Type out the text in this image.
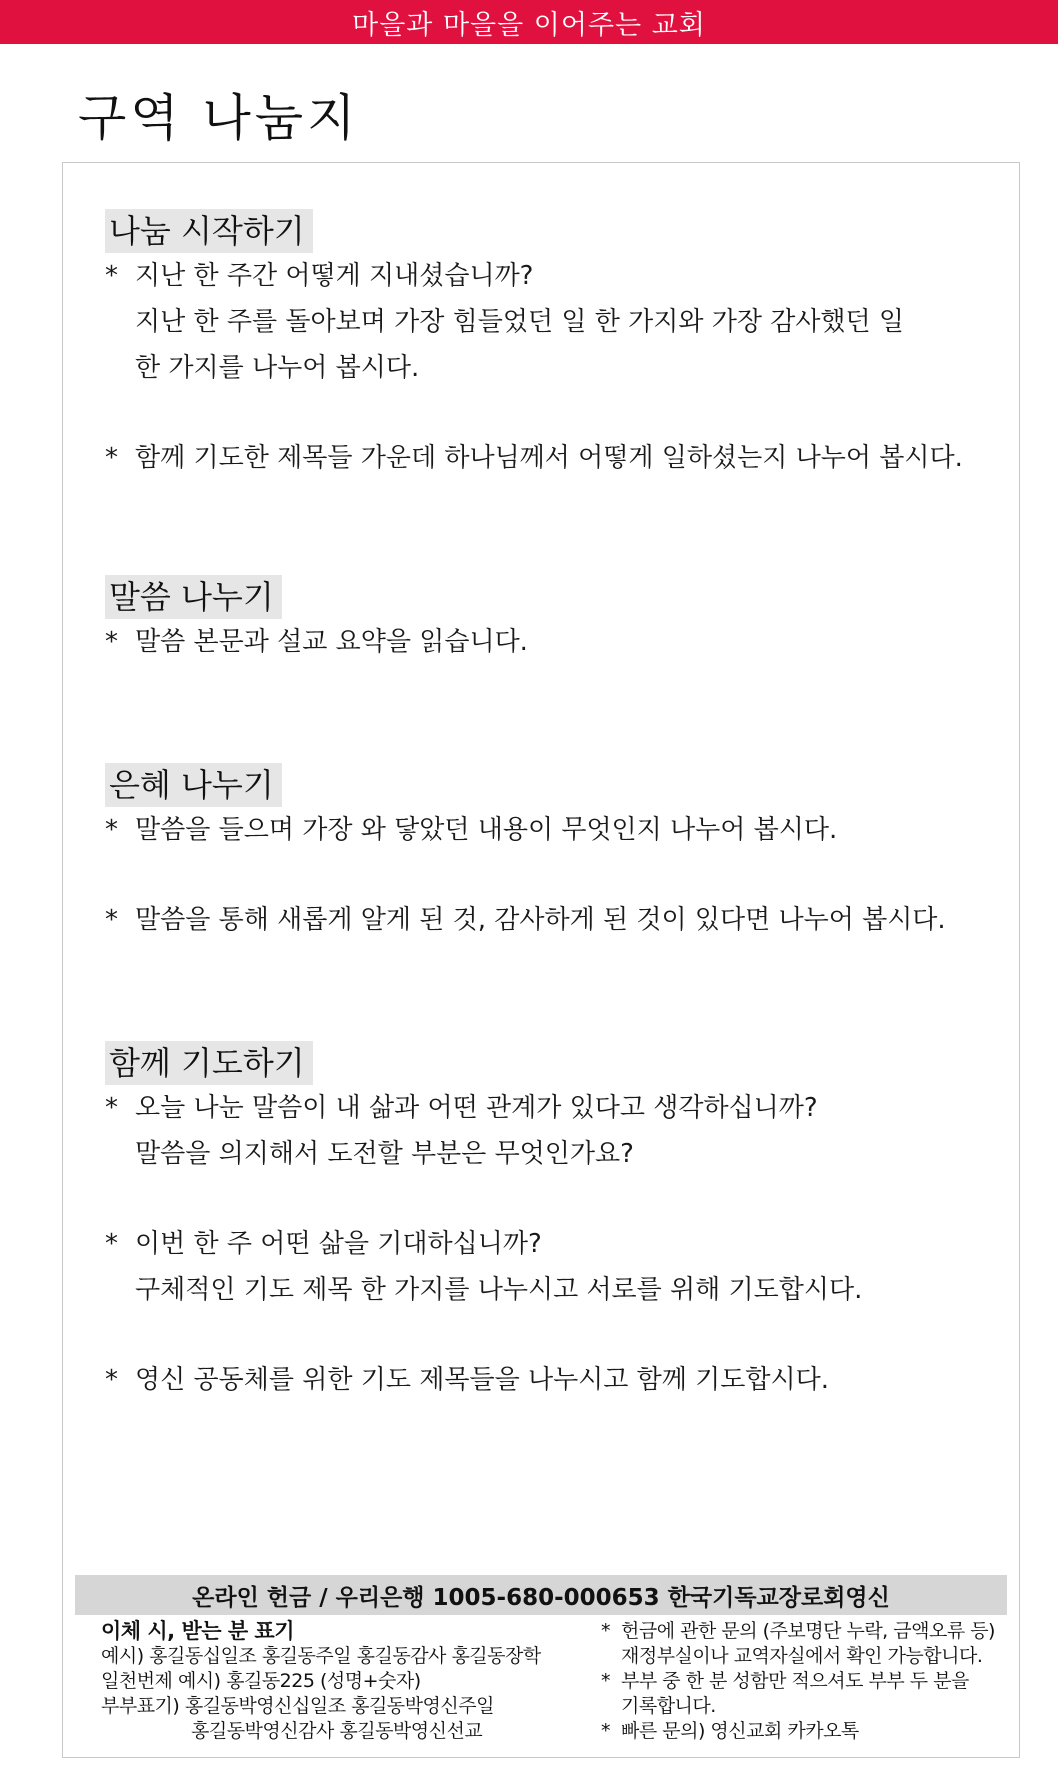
마을과 마을을 이어주는 교회
구역 나눔지
나눔 시작하기
* 지난 한 주간 어떻게 지내셨습니까?
지난 한 주를 돌아보며 가장 힘들었던 일 한 가지와 가장 감사했던 일
한 가지를 나누어 봅시다.
* 함께 기도한 제목들 가운데 하나님께서 어떻게 일하셨는지 나누어 봅시다.
말씀 나누기
* 말씀 본문과 설교 요약을 읽습니다.
은혜 나누기
* 말씀을 들으며 가장 와 닿았던 내용이 무엇인지 나누어 봅시다.
* 말씀을 통해 새롭게 알게 된 것, 감사하게 된 것이 있다면 나누어 봅시다.
함께 기도하기
* 오늘 나눈 말씀이 내 삶과 어떤 관계가 있다고 생각하십니까?
말씀을 의지해서 도전할 부분은 무엇인가요?
* 이번 한 주 어떤 삶을 기대하십니까?
구체적인 기도 제목 한 가지를 나누시고 서로를 위해 기도합시다.
* 영신 공동체를 위한 기도 제목들을 나누시고 함께 기도합시다.
온라인 헌금 / 우리은행 1005-680-000653 한국기독교장로회영신
이체 시, 받는 분 표기
예시) 홍길동십일조 홍길동주일 홍길동감사 홍길동장학
일천번제 예시) 홍길동225 (성명+숫자)
부부표기) 홍길동박영신십일조 홍길동박영신주일
홍길동박영신감사 홍길동박영신선교
* 헌금에 관한 문의 (주보명단 누락, 금액오류 등)
재정부실이나 교역자실에서 확인 가능합니다.
* 부부 중 한 분 성함만 적으셔도 부부 두 분을
기록합니다.
* 빠른 문의) 영신교회 카카오톡
